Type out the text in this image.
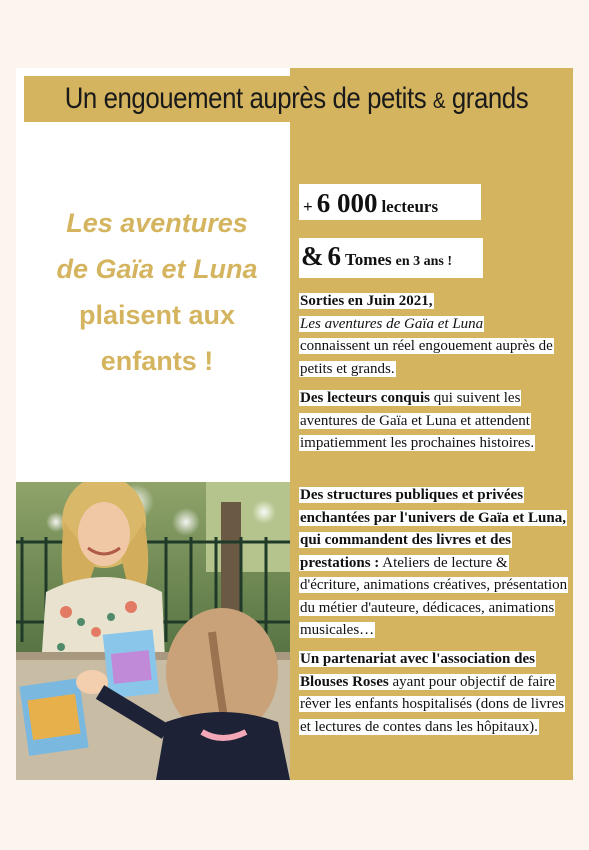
Un engouement auprès de petits & grands
Les aventures
de Gaïa et Luna
plaisent aux
enfants !
+ 6 000 lecteurs
& 6 Tomes en 3 ans !
Sorties en Juin 2021,
Les aventures de Gaïa et Luna
connaissent un réel engouement auprès de petits et grands.
Des lecteurs conquis qui suivent les aventures de Gaïa et Luna et attendent impatiemment les prochaines histoires.
Des structures publiques et privées enchantées par l'univers de Gaïa et Luna, qui commandent des livres et des prestations : Ateliers de lecture & d'écriture, animations créatives, présentation du métier d'auteure, dédicaces, animations musicales…
Un partenariat avec l'association des Blouses Roses ayant pour objectif de faire rêver les enfants hospitalisés (dons de livres et lectures de contes dans les hôpitaux).
